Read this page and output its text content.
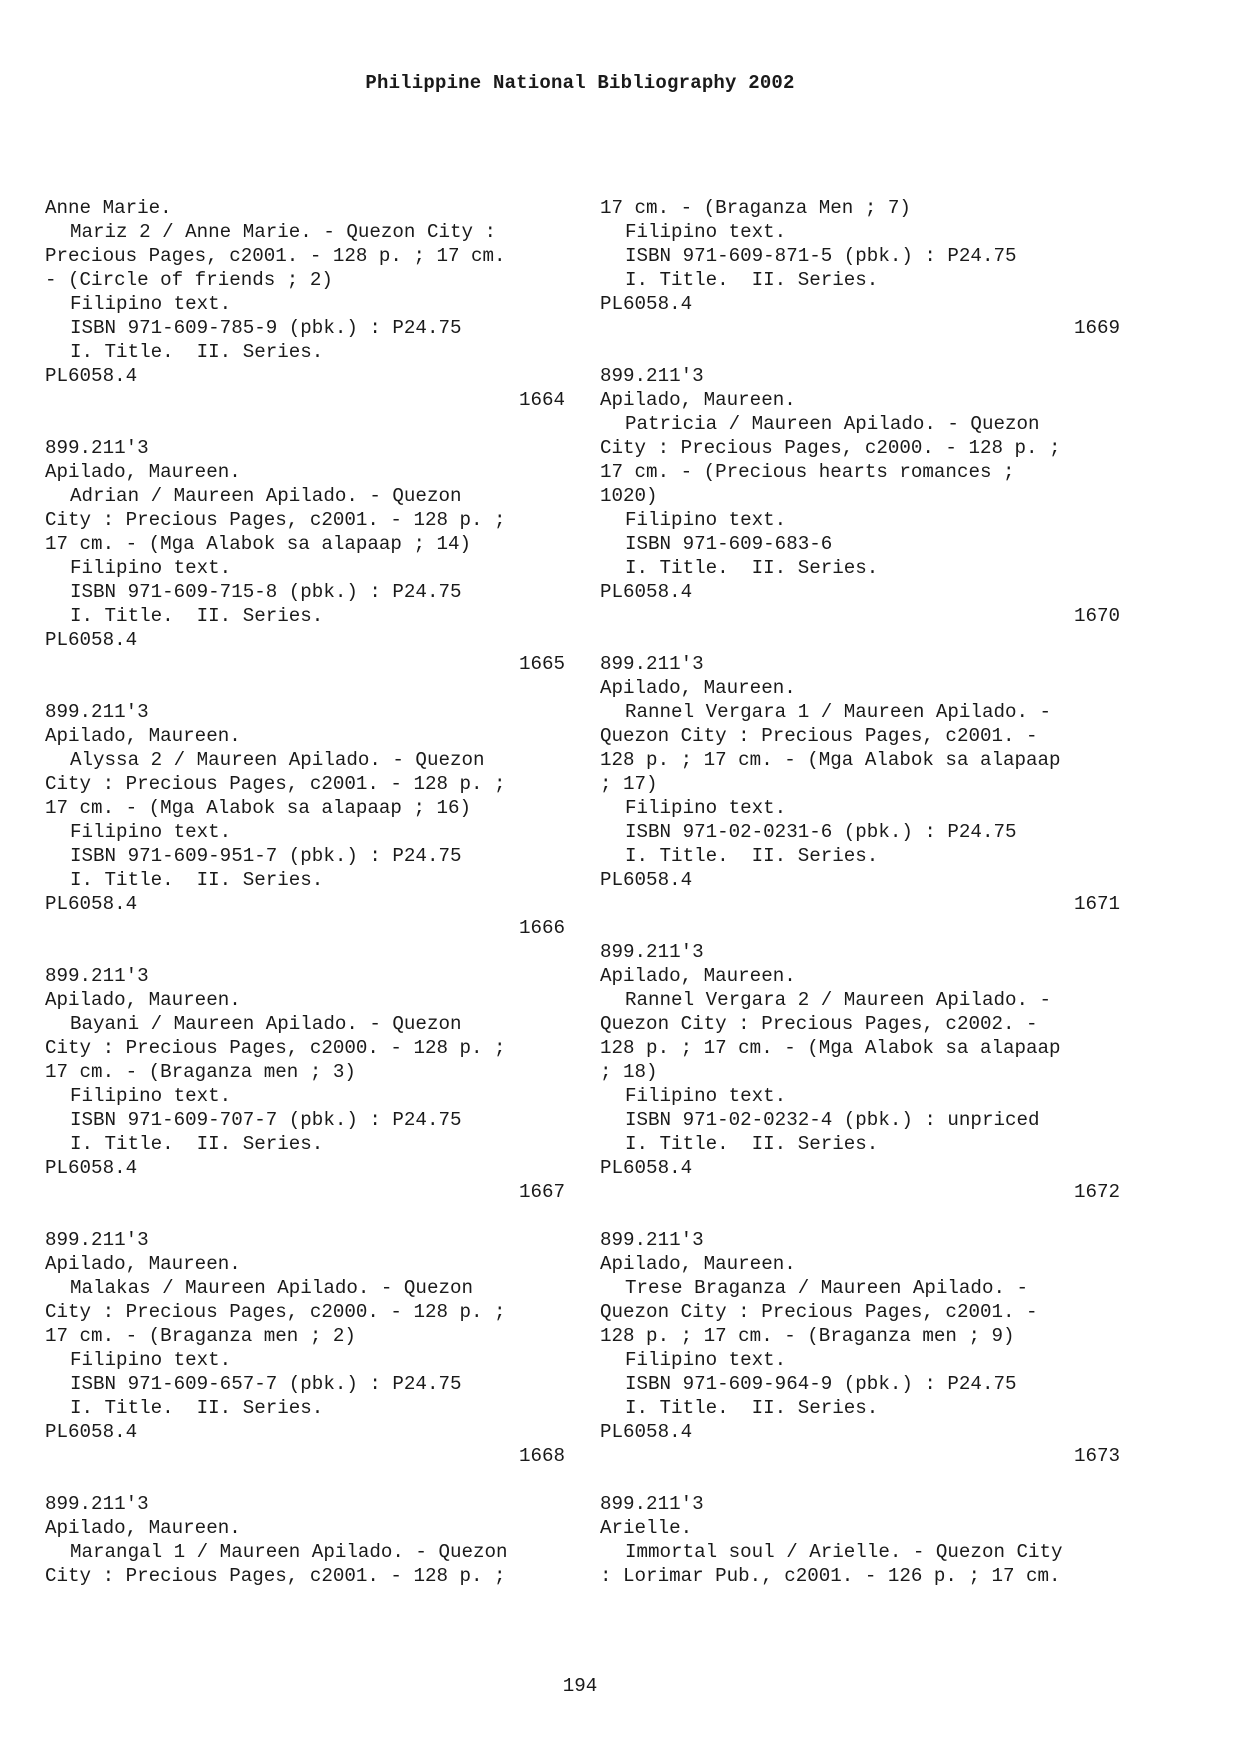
Philippine National Bibliography 2002
Anne Marie.
Mariz 2 / Anne Marie. - Quezon City :
Precious Pages, c2001. - 128 p. ; 17 cm.
- (Circle of friends ; 2)
Filipino text.
ISBN 971-609-785-9 (pbk.) : P24.75
I. Title.  II. Series.
PL6058.4
1664
899.211'3
Apilado, Maureen.
Adrian / Maureen Apilado. - Quezon
City : Precious Pages, c2001. - 128 p. ;
17 cm. - (Mga Alabok sa alapaap ; 14)
Filipino text.
ISBN 971-609-715-8 (pbk.) : P24.75
I. Title.  II. Series.
PL6058.4
1665
899.211'3
Apilado, Maureen.
Alyssa 2 / Maureen Apilado. - Quezon
City : Precious Pages, c2001. - 128 p. ;
17 cm. - (Mga Alabok sa alapaap ; 16)
Filipino text.
ISBN 971-609-951-7 (pbk.) : P24.75
I. Title.  II. Series.
PL6058.4
1666
899.211'3
Apilado, Maureen.
Bayani / Maureen Apilado. - Quezon
City : Precious Pages, c2000. - 128 p. ;
17 cm. - (Braganza men ; 3)
Filipino text.
ISBN 971-609-707-7 (pbk.) : P24.75
I. Title.  II. Series.
PL6058.4
1667
899.211'3
Apilado, Maureen.
Malakas / Maureen Apilado. - Quezon
City : Precious Pages, c2000. - 128 p. ;
17 cm. - (Braganza men ; 2)
Filipino text.
ISBN 971-609-657-7 (pbk.) : P24.75
I. Title.  II. Series.
PL6058.4
1668
899.211'3
Apilado, Maureen.
Marangal 1 / Maureen Apilado. - Quezon
City : Precious Pages, c2001. - 128 p. ;
17 cm. - (Braganza Men ; 7)
Filipino text.
ISBN 971-609-871-5 (pbk.) : P24.75
I. Title.  II. Series.
PL6058.4
1669
899.211'3
Apilado, Maureen.
Patricia / Maureen Apilado. - Quezon
City : Precious Pages, c2000. - 128 p. ;
17 cm. - (Precious hearts romances ;
1020)
Filipino text.
ISBN 971-609-683-6
I. Title.  II. Series.
PL6058.4
1670
899.211'3
Apilado, Maureen.
Rannel Vergara 1 / Maureen Apilado. -
Quezon City : Precious Pages, c2001. -
128 p. ; 17 cm. - (Mga Alabok sa alapaap
; 17)
Filipino text.
ISBN 971-02-0231-6 (pbk.) : P24.75
I. Title.  II. Series.
PL6058.4
1671
899.211'3
Apilado, Maureen.
Rannel Vergara 2 / Maureen Apilado. -
Quezon City : Precious Pages, c2002. -
128 p. ; 17 cm. - (Mga Alabok sa alapaap
; 18)
Filipino text.
ISBN 971-02-0232-4 (pbk.) : unpriced
I. Title.  II. Series.
PL6058.4
1672
899.211'3
Apilado, Maureen.
Trese Braganza / Maureen Apilado. -
Quezon City : Precious Pages, c2001. -
128 p. ; 17 cm. - (Braganza men ; 9)
Filipino text.
ISBN 971-609-964-9 (pbk.) : P24.75
I. Title.  II. Series.
PL6058.4
1673
899.211'3
Arielle.
Immortal soul / Arielle. - Quezon City
: Lorimar Pub., c2001. - 126 p. ; 17 cm.
194
